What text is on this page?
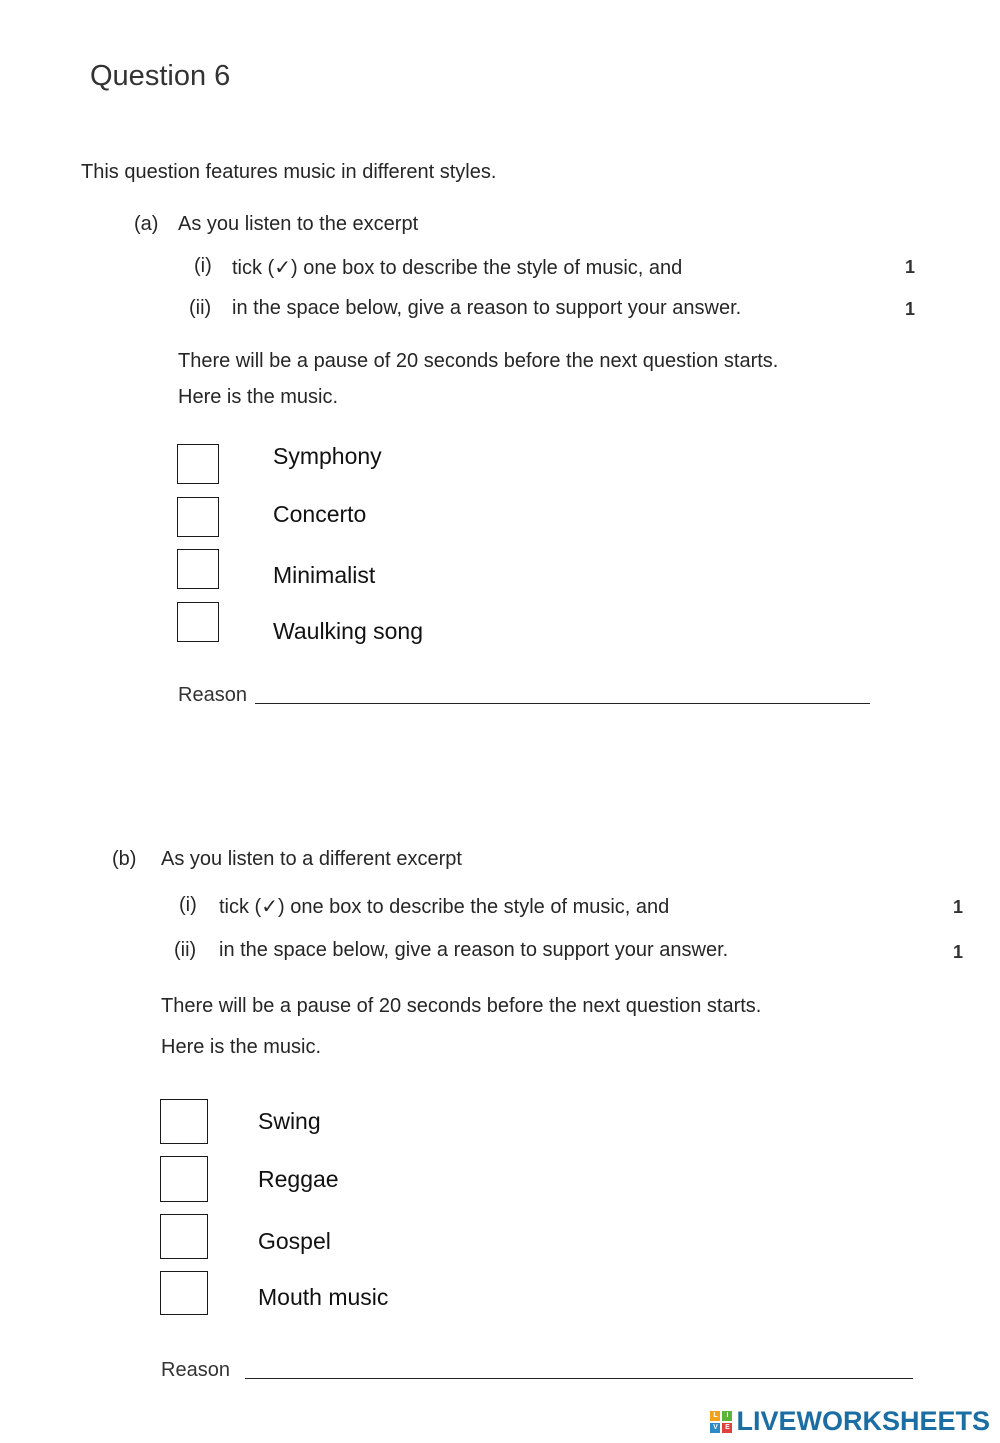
Question 6
This question features music in different styles.
(a) As you listen to the excerpt
(i) tick (✓) one box to describe the style of music, and	1
(ii) in the space below, give a reason to support your answer.	1
There will be a pause of 20 seconds before the next question starts.
Here is the music.
Symphony
Concerto
Minimalist
Waulking song
Reason
(b) As you listen to a different excerpt
(i) tick (✓) one box to describe the style of music, and	1
(ii) in the space below, give a reason to support your answer.	1
There will be a pause of 20 seconds before the next question starts.
Here is the music.
Swing
Reggae
Gospel
Mouth music
Reason
L	I
V	E LIVEWORKSHEETS
